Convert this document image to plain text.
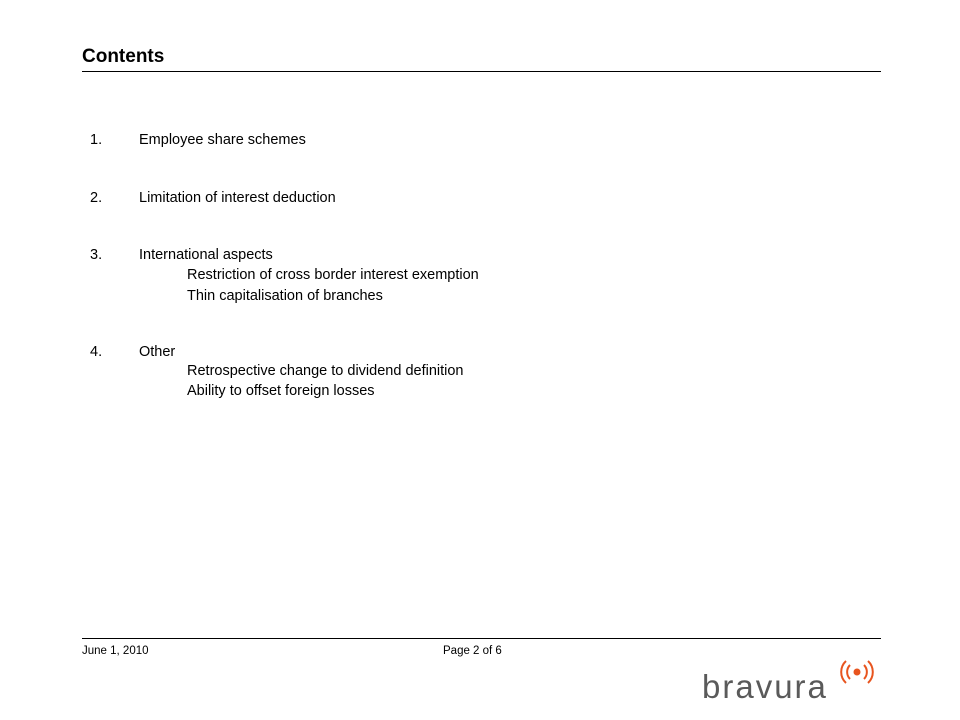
Contents
1.	Employee share schemes
2.	Limitation of interest deduction
3.	International aspects
Restriction of cross border interest exemption
Thin capitalisation of branches
4.	Other
Retrospective change to dividend definition
Ability to offset foreign losses
June 1, 2010	Page 2 of 6
bravura
